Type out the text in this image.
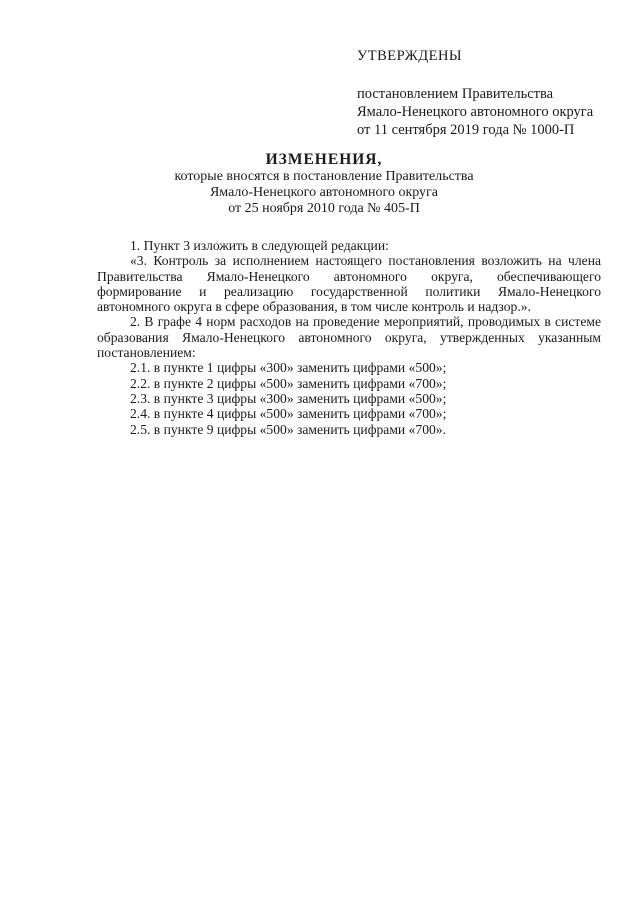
УТВЕРЖДЕНЫ
постановлением Правительства
Ямало-Ненецкого автономного округа
от 11 сентября 2019 года № 1000-П
ИЗМЕНЕНИЯ,
которые вносятся в постановление Правительства
Ямало-Ненецкого автономного округа
от 25 ноября 2010 года № 405-П

1. Пункт 3 изложить в следующей редакции:

«3. Контроль за исполнением настоящего постановления возложить на члена Правительства Ямало-Ненецкого автономного округа, обеспечивающего формирование и реализацию государственной политики Ямало-Ненецкого автономного округа в сфере образования, в том числе контроль и надзор.».

2. В графе 4 норм расходов на проведение мероприятий, проводимых в системе образования Ямало-Ненецкого автономного округа, утвержденных указанным постановлением:

2.1. в пункте 1 цифры «300» заменить цифрами «500»;

2.2. в пункте 2 цифры «500» заменить цифрами «700»;

2.3. в пункте 3 цифры «300» заменить цифрами «500»;

2.4. в пункте 4 цифры «500» заменить цифрами «700»;

2.5. в пункте 9 цифры «500» заменить цифрами «700».
